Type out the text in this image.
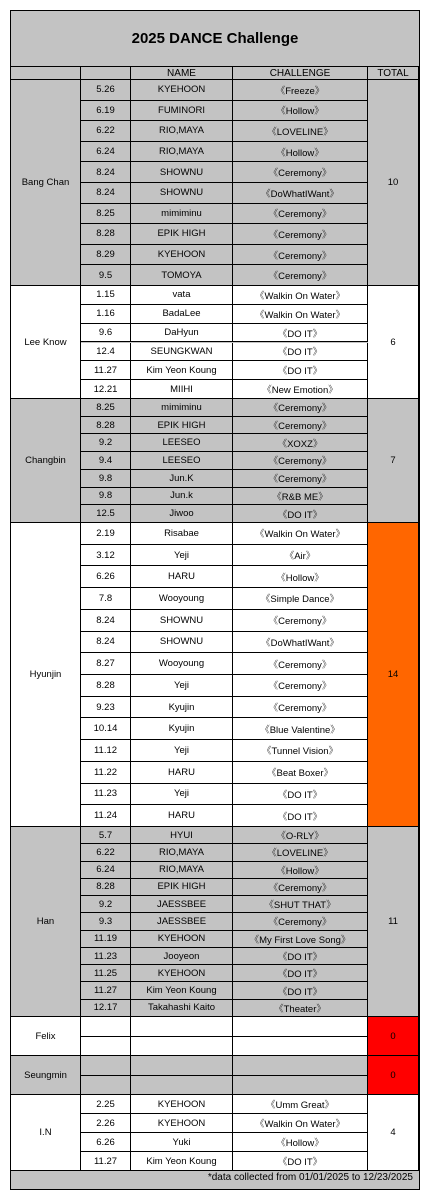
2025 DANCE Challenge
NAME	CHALLENGE	TOTAL
Bang Chan	10
5.26	KYEHOON	《Freeze》
6.19	FUMINORI	《Hollow》
6.22	RIO,MAYA	《LOVELINE》
6.24	RIO,MAYA	《Hollow》
8.24	SHOWNU	《Ceremony》
8.24	SHOWNU	《DoWhatIWant》
8.25	mimiminu	《Ceremony》
8.28	EPIK HIGH	《Ceremony》
8.29	KYEHOON	《Ceremony》
9.5	TOMOYA	《Ceremony》
Lee Know	6
1.15	vata	《Walkin On Water》
1.16	BadaLee	《Walkin On Water》
9.6	DaHyun	《DO IT》
12.4	SEUNGKWAN	《DO IT》
11.27	Kim Yeon Koung	《DO IT》
12.21	MIIHI	《New Emotion》
Changbin	7
8.25	mimiminu	《Ceremony》
8.28	EPIK HIGH	《Ceremony》
9.2	LEESEO	《XOXZ》
9.4	LEESEO	《Ceremony》
9.8	Jun.K	《Ceremony》
9.8	Jun.k	《R&B ME》
12.5	Jiwoo	《DO IT》
Hyunjin	14
2.19	Risabae	《Walkin On Water》
3.12	Yeji	《Air》
6.26	HARU	《Hollow》
7.8	Wooyoung	《Simple Dance》
8.24	SHOWNU	《Ceremony》
8.24	SHOWNU	《DoWhatIWant》
8.27	Wooyoung	《Ceremony》
8.28	Yeji	《Ceremony》
9.23	Kyujin	《Ceremony》
10.14	Kyujin	《Blue Valentine》
11.12	Yeji	《Tunnel Vision》
11.22	HARU	《Beat Boxer》
11.23	Yeji	《DO IT》
11.24	HARU	《DO IT》
Han	11
5.7	HYUI	《O-RLY》
6.22	RIO,MAYA	《LOVELINE》
6.24	RIO,MAYA	《Hollow》
8.28	EPIK HIGH	《Ceremony》
9.2	JAESSBEE	《SHUT THAT》
9.3	JAESSBEE	《Ceremony》
11.19	KYEHOON	《My First Love Song》
11.23	Jooyeon	《DO IT》
11.25	KYEHOON	《DO IT》
11.27	Kim Yeon Koung	《DO IT》
12.17	Takahashi Kaito	《Theater》
Felix	0
Seungmin	0
I.N	4
2.25	KYEHOON	《Umm Great》
2.26	KYEHOON	《Walkin On Water》
6.26	Yuki	《Hollow》
11.27	Kim Yeon Koung	《DO IT》
*data collected from 01/01/2025 to 12/23/2025
